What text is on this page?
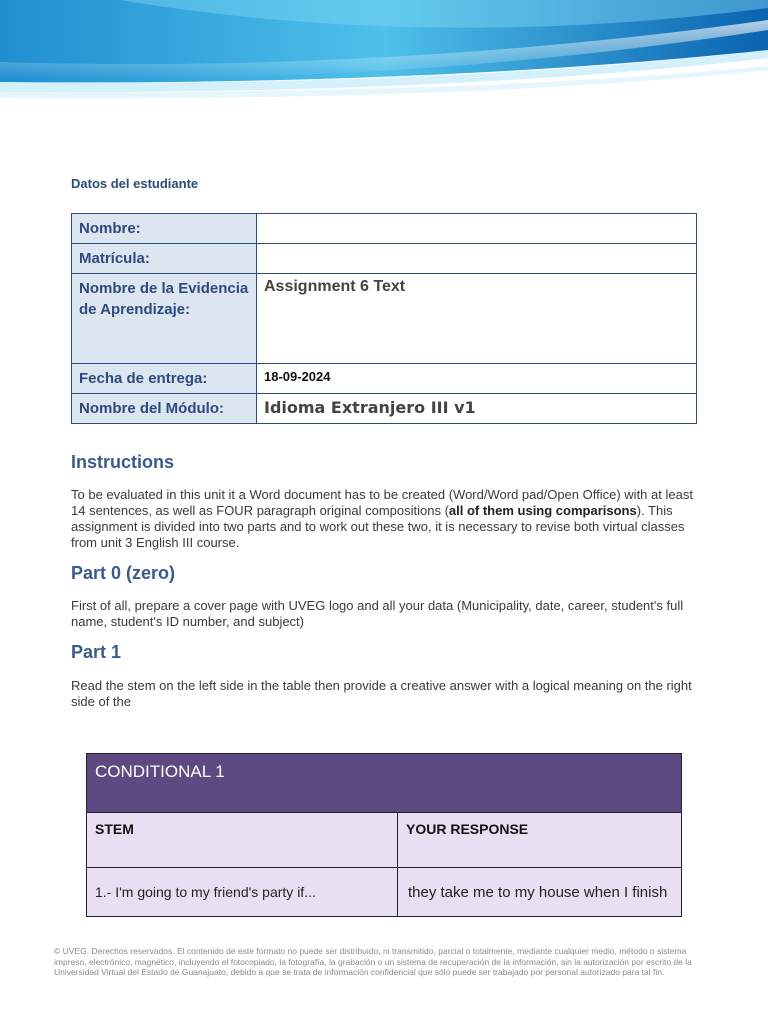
Datos del estudiante
Nombre:	
Matrícula:	
Nombre de la Evidencia de Aprendizaje:	Assignment 6 Text
Fecha de entrega:	18-09-2024
Nombre del Módulo:	Idioma Extranjero III v1
Instructions

To be evaluated in this unit it a Word document has to be created (Word/Word pad/Open Office) with at least 14 sentences, as well as FOUR paragraph original compositions (all of them using comparisons). This assignment is divided into two parts and to work out these two, it is necessary to revise both virtual classes from unit 3 English III course.

Part 0 (zero)

First of all, prepare a cover page with UVEG logo and all your data (Municipality, date, career, student's full name, student's ID number, and subject)

Part 1

Read the stem on the left side in the table then provide a creative answer with a logical meaning on the right side of the

CONDITIONAL 1	
STEM	YOUR RESPONSE
1.- I'm going to my friend's party if...	they take me to my house when I finish
© UVEG. Derechos reservados. El contenido de este formato no puede ser distribuido, ni transmitido, parcial o totalmente, mediante cualquier medio, método o sistema impreso, electrónico, magnético, incluyendo el fotocopiado, la fotografía, la grabación o un sistema de recuperación de la información, sin la autorización por escrito de la Universidad Virtual del Estado de Guanajuato, debido a que se trata de información confidencial que sólo puede ser trabajado por personal autorizado para tal fin.
